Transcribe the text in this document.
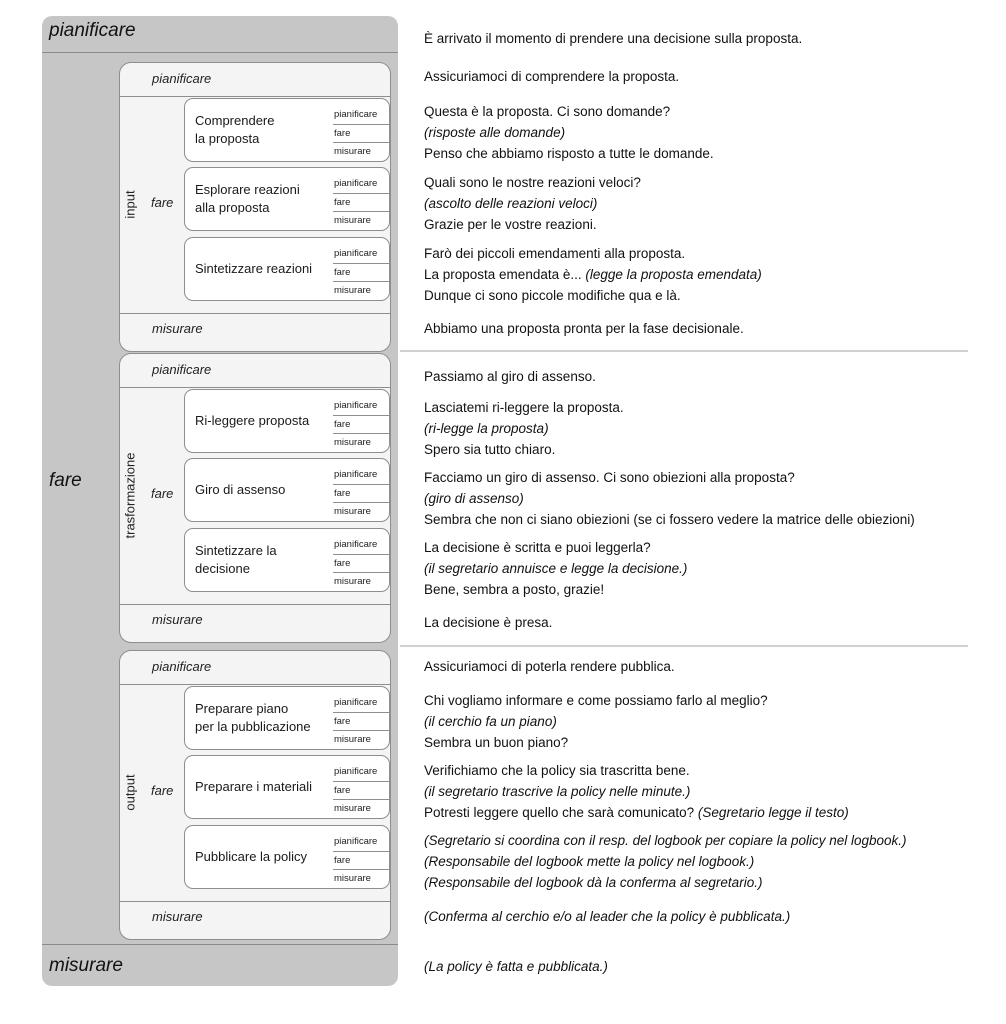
pianificare
fare
misurare
È arrivato il momento di prendere una decisione sulla proposta.
Assicuriamoci di comprendere la proposta.
Questa è la proposta. Ci sono domande?
(risposte alle domande)
Penso che abbiamo risposto a tutte le domande.
Quali sono le nostre reazioni veloci?
(ascolto delle reazioni veloci)
Grazie per le vostre reazioni.
Farò dei piccoli emendamenti alla proposta.
La proposta emendata è... (legge la proposta emendata)
Dunque ci sono piccole modifiche qua e là.
Abbiamo una proposta pronta per la fase decisionale.
Passiamo al giro di assenso.
Lasciatemi ri-leggere la proposta.
(ri-legge la proposta)
Spero sia tutto chiaro.
Facciamo un giro di assenso. Ci sono obiezioni alla proposta?
(giro di assenso)
Sembra che non ci siano obiezioni (se ci fossero vedere la matrice delle obiezioni)
La decisione è scritta e puoi leggerla?
(il segretario annuisce e legge la decisione.)
Bene, sembra a posto, grazie!
La decisione è presa.
Assicuriamoci di poterla rendere pubblica.
Chi vogliamo informare e come possiamo farlo al meglio?
(il cerchio fa un piano)
Sembra un buon piano?
Verifichiamo che la policy sia trascritta bene.
(il segretario trascrive la policy nelle minute.)
Potresti leggere quello che sarà comunicato? (Segretario legge il testo)
(Segretario si coordina con il resp. del logbook per copiare la policy nel logbook.)
(Responsabile del logbook mette la policy nel logbook.)
(Responsabile del logbook dà la conferma al segretario.)
(Conferma al cerchio e/o al leader che la policy è pubblicata.)
(La policy è fatta e pubblicata.)
pianificare
misurare
fare
input
Comprendere
la proposta
pianificare
fare
misurare
Esplorare reazioni
alla proposta
pianificare
fare
misurare
Sintetizzare reazioni
pianificare
fare
misurare
pianificare
misurare
fare
trasformazione
Ri-leggere proposta
pianificare
fare
misurare
Giro di assenso
pianificare
fare
misurare
Sintetizzare la
decisione
pianificare
fare
misurare
pianificare
misurare
fare
output
Preparare piano
per la pubblicazione
pianificare
fare
misurare
Preparare i materiali
pianificare
fare
misurare
Pubblicare la policy
pianificare
fare
misurare
